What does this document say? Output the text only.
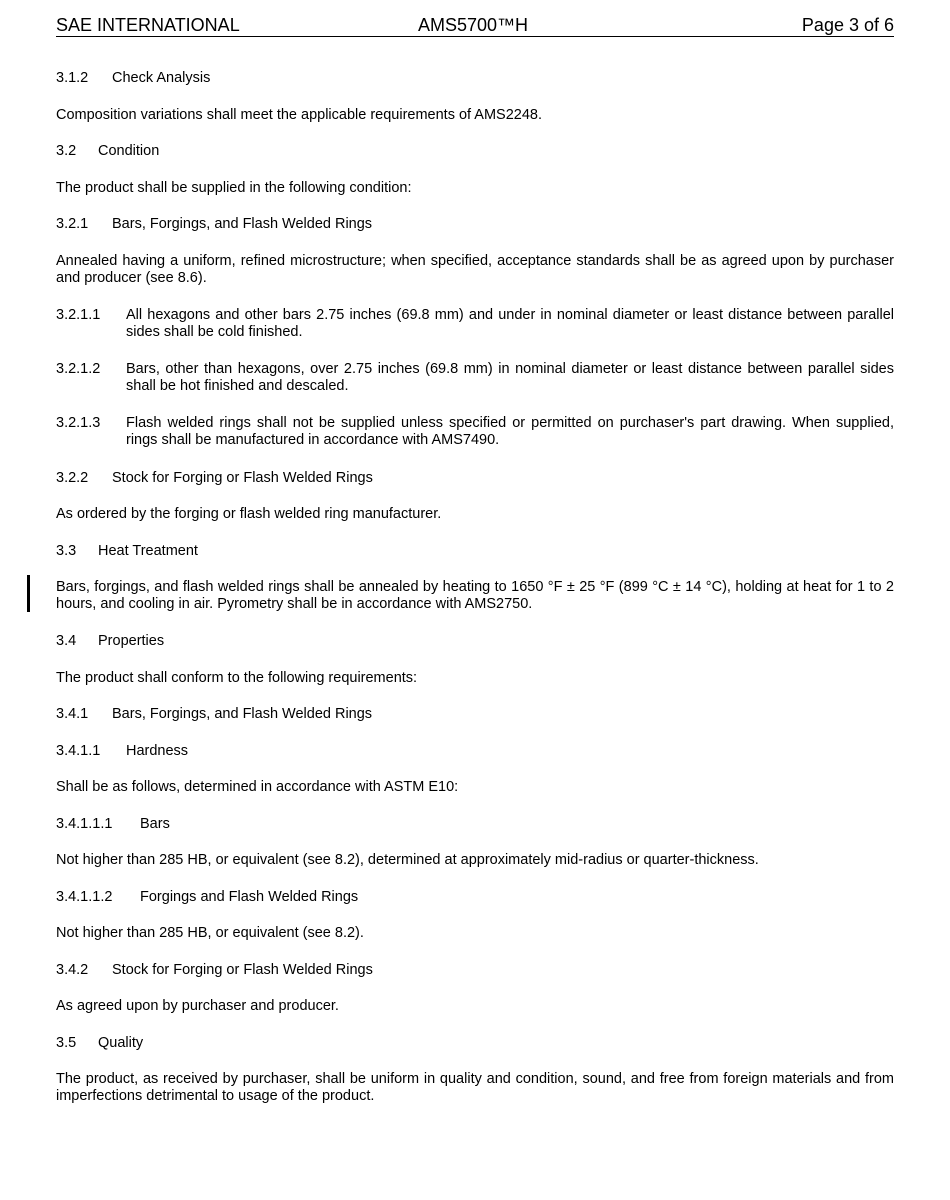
SAE INTERNATIONAL	AMS5700™H	Page 3 of 6
3.1.2 Check Analysis
Composition variations shall meet the applicable requirements of AMS2248.
3.2 Condition
The product shall be supplied in the following condition:
3.2.1 Bars, Forgings, and Flash Welded Rings
Annealed having a uniform, refined microstructure; when specified, acceptance standards shall be as agreed upon by purchaser and producer (see 8.6).
3.2.1.1 All hexagons and other bars 2.75 inches (69.8 mm) and under in nominal diameter or least distance between parallel sides shall be cold finished.
3.2.1.2 Bars, other than hexagons, over 2.75 inches (69.8 mm) in nominal diameter or least distance between parallel sides shall be hot finished and descaled.
3.2.1.3 Flash welded rings shall not be supplied unless specified or permitted on purchaser's part drawing. When supplied, rings shall be manufactured in accordance with AMS7490.
3.2.2 Stock for Forging or Flash Welded Rings
As ordered by the forging or flash welded ring manufacturer.
3.3 Heat Treatment
Bars, forgings, and flash welded rings shall be annealed by heating to 1650 °F ± 25 °F (899 °C ± 14 °C), holding at heat for 1 to 2 hours, and cooling in air. Pyrometry shall be in accordance with AMS2750.
3.4 Properties
The product shall conform to the following requirements:
3.4.1 Bars, Forgings, and Flash Welded Rings
3.4.1.1 Hardness
Shall be as follows, determined in accordance with ASTM E10:
3.4.1.1.1 Bars
Not higher than 285 HB, or equivalent (see 8.2), determined at approximately mid-radius or quarter-thickness.
3.4.1.1.2 Forgings and Flash Welded Rings
Not higher than 285 HB, or equivalent (see 8.2).
3.4.2 Stock for Forging or Flash Welded Rings
As agreed upon by purchaser and producer.
3.5 Quality
The product, as received by purchaser, shall be uniform in quality and condition, sound, and free from foreign materials and from imperfections detrimental to usage of the product.
